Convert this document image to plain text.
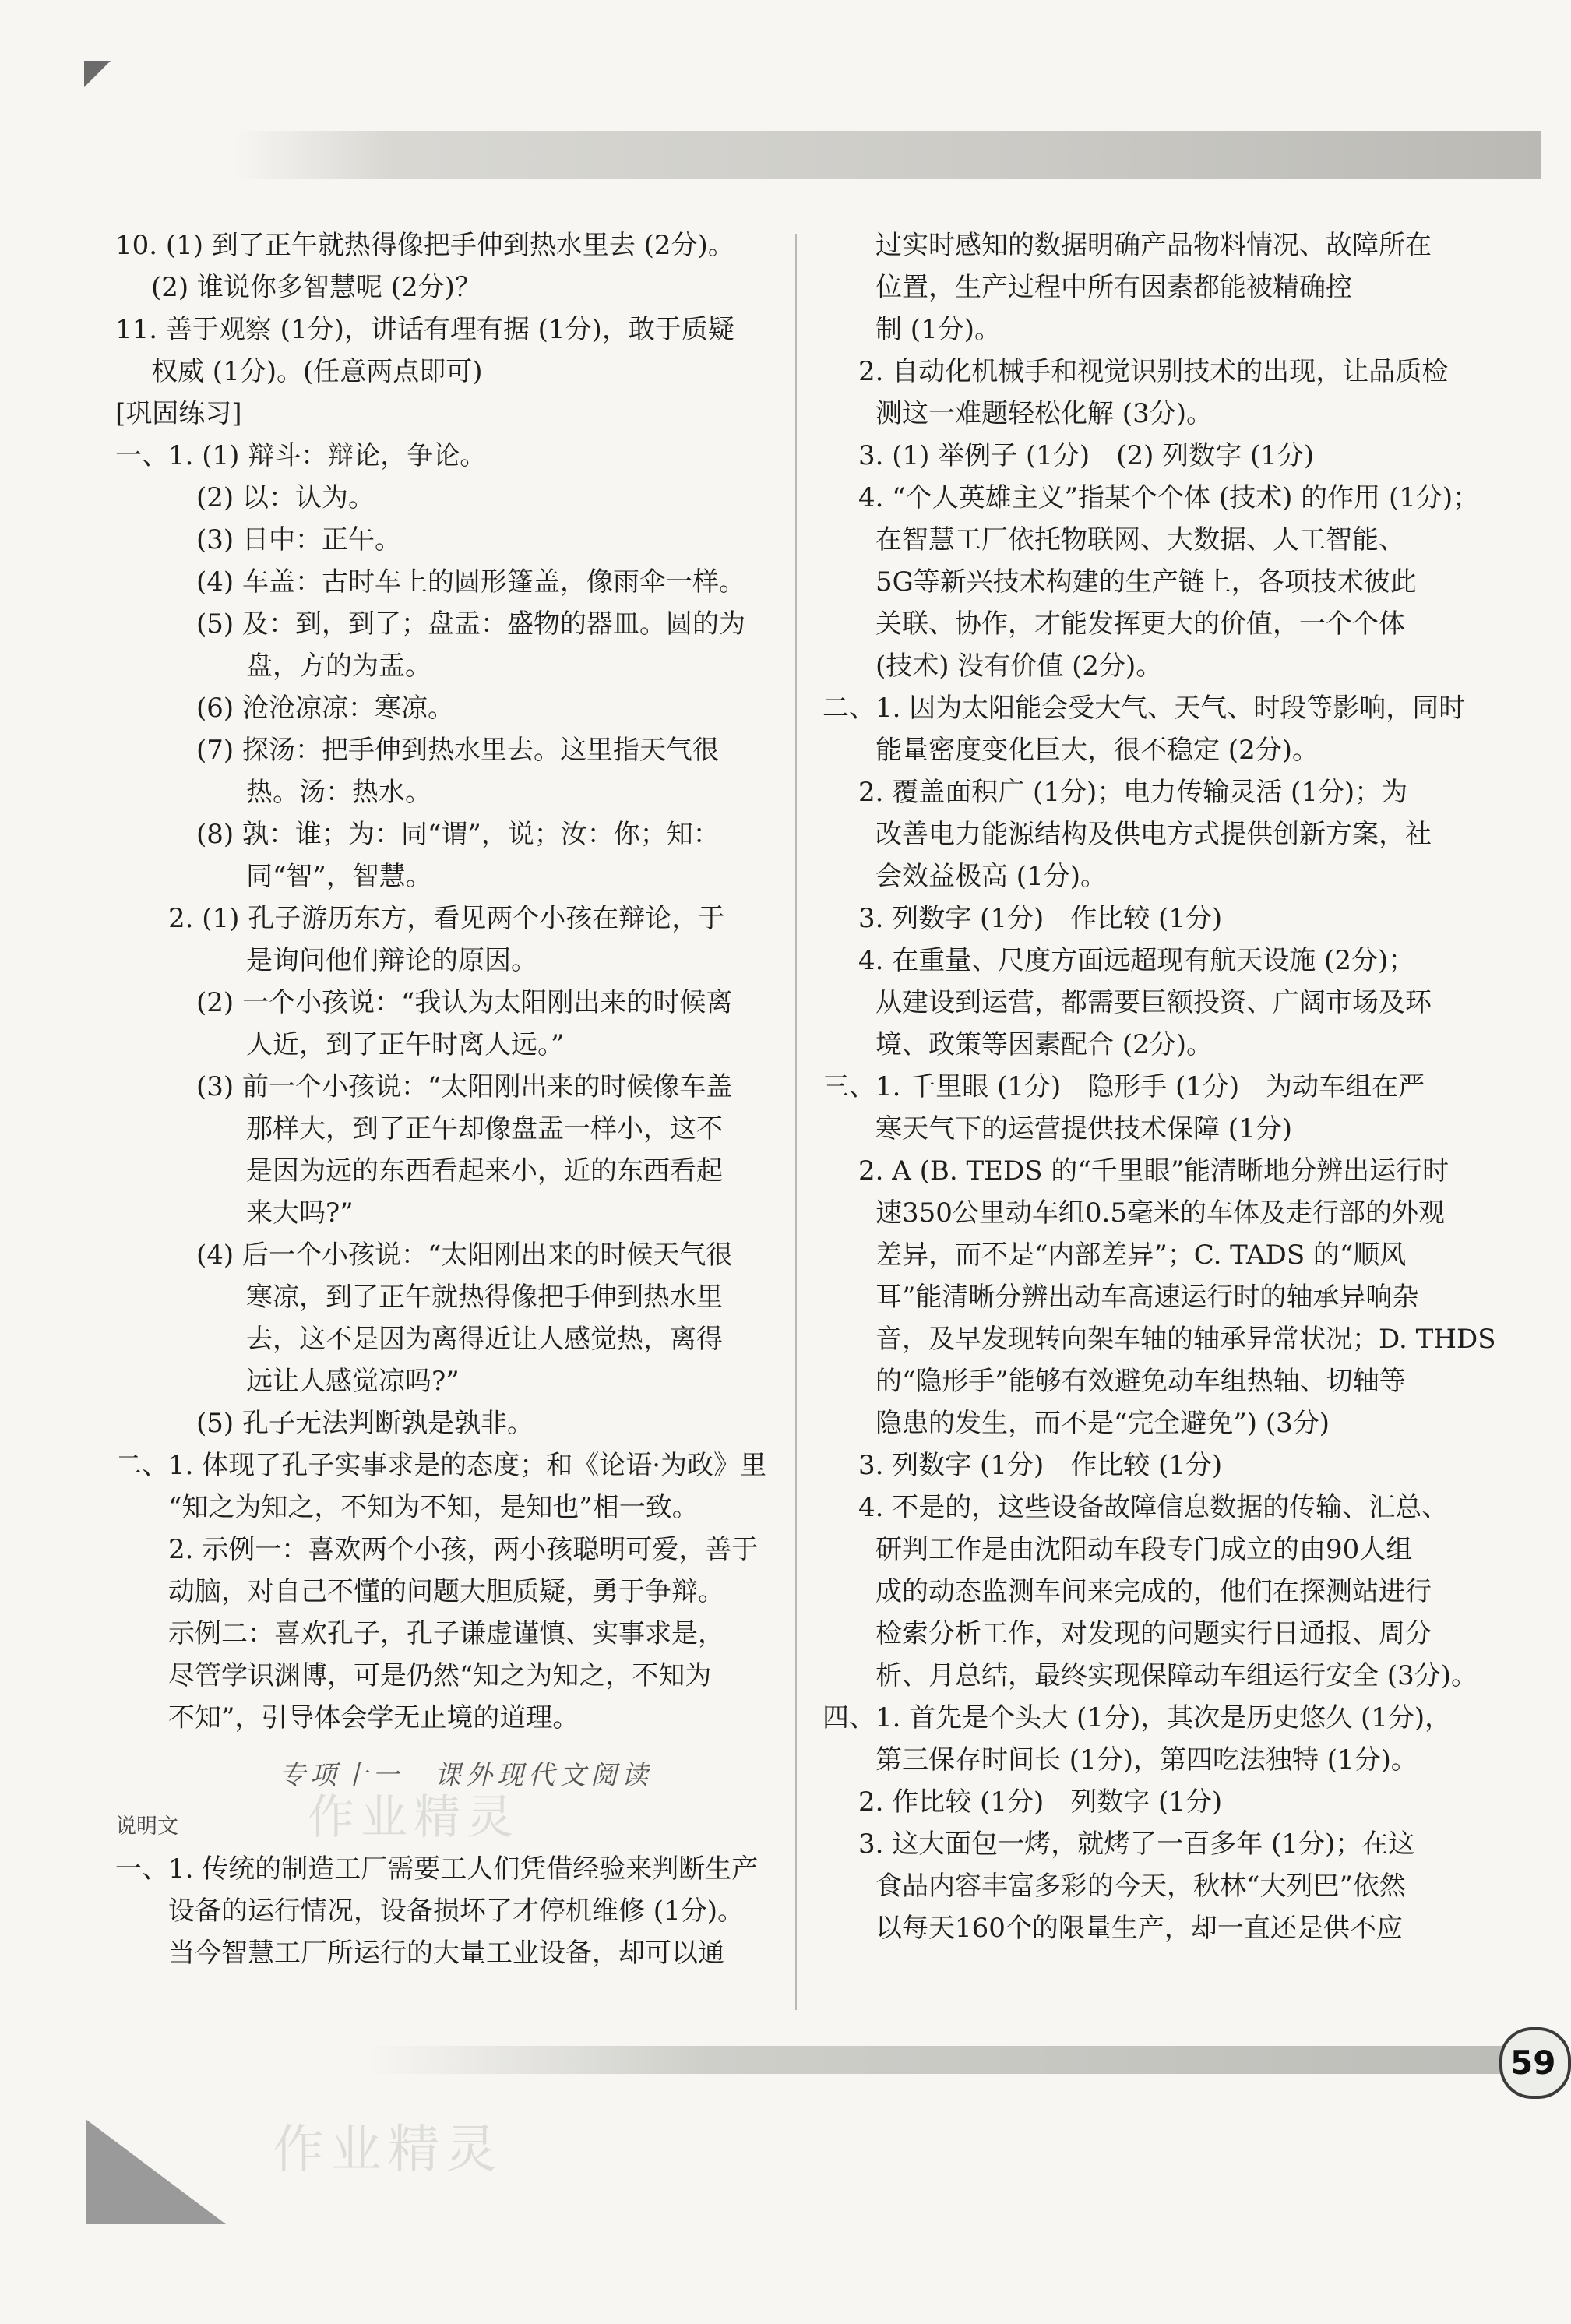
10. (1) 到了正午就热得像把手伸到热水里去 (2分)。

(2) 谁说你多智慧呢 (2分)？

11. 善于观察 (1分)，讲话有理有据 (1分)，敢于质疑

权威 (1分)。(任意两点即可)

[巩固练习]

一、1. (1) 辩斗：辩论，争论。

(2) 以：认为。

(3) 日中：正午。

(4) 车盖：古时车上的圆形篷盖，像雨伞一样。

(5) 及：到，到了；盘盂：盛物的器皿。圆的为

盘，方的为盂。

(6) 沧沧凉凉：寒凉。

(7) 探汤：把手伸到热水里去。这里指天气很

热。汤：热水。

(8) 孰：谁；为：同“谓”，说；汝：你；知：

同“智”，智慧。

2. (1) 孔子游历东方，看见两个小孩在辩论，于

是询问他们辩论的原因。

(2) 一个小孩说：“我认为太阳刚出来的时候离

人近，到了正午时离人远。”

(3) 前一个小孩说：“太阳刚出来的时候像车盖

那样大，到了正午却像盘盂一样小，这不

是因为远的东西看起来小，近的东西看起

来大吗?”

(4) 后一个小孩说：“太阳刚出来的时候天气很

寒凉，到了正午就热得像把手伸到热水里

去，这不是因为离得近让人感觉热，离得

远让人感觉凉吗?”

(5) 孔子无法判断孰是孰非。

二、1. 体现了孔子实事求是的态度；和《论语·为政》里

“知之为知之，不知为不知，是知也”相一致。

2. 示例一：喜欢两个小孩，两小孩聪明可爱，善于

动脑，对自己不懂的问题大胆质疑，勇于争辩。

示例二：喜欢孔子，孔子谦虚谨慎、实事求是，

尽管学识渊博，可是仍然“知之为知之，不知为

不知”，引导体会学无止境的道理。

专项十一　课外现代文阅读

说明文

一、1. 传统的制造工厂需要工人们凭借经验来判断生产

设备的运行情况，设备损坏了才停机维修 (1分)。

当今智慧工厂所运行的大量工业设备，却可以通

过实时感知的数据明确产品物料情况、故障所在

位置，生产过程中所有因素都能被精确控

制 (1分)。

2. 自动化机械手和视觉识别技术的出现，让品质检

测这一难题轻松化解 (3分)。

3. (1) 举例子 (1分)　(2) 列数字 (1分)

4. “个人英雄主义”指某个个体 (技术) 的作用 (1分)；

在智慧工厂依托物联网、大数据、人工智能、

5G等新兴技术构建的生产链上，各项技术彼此

关联、协作，才能发挥更大的价值，一个个体

(技术) 没有价值 (2分)。

二、1. 因为太阳能会受大气、天气、时段等影响，同时

能量密度变化巨大，很不稳定 (2分)。

2. 覆盖面积广 (1分)；电力传输灵活 (1分)；为

改善电力能源结构及供电方式提供创新方案，社

会效益极高 (1分)。

3. 列数字 (1分)　作比较 (1分)

4. 在重量、尺度方面远超现有航天设施 (2分)；

从建设到运营，都需要巨额投资、广阔市场及环

境、政策等因素配合 (2分)。

三、1. 千里眼 (1分)　隐形手 (1分)　为动车组在严

寒天气下的运营提供技术保障 (1分)

2. A (B. TEDS 的“千里眼”能清晰地分辨出运行时

速350公里动车组0.5毫米的车体及走行部的外观

差异，而不是“内部差异”；C. TADS 的“顺风

耳”能清晰分辨出动车高速运行时的轴承异响杂

音，及早发现转向架车轴的轴承异常状况；D. THDS

的“隐形手”能够有效避免动车组热轴、切轴等

隐患的发生，而不是“完全避免”) (3分)

3. 列数字 (1分)　作比较 (1分)

4. 不是的，这些设备故障信息数据的传输、汇总、

研判工作是由沈阳动车段专门成立的由90人组

成的动态监测车间来完成的，他们在探测站进行

检索分析工作，对发现的问题实行日通报、周分

析、月总结，最终实现保障动车组运行安全 (3分)。

四、1. 首先是个头大 (1分)，其次是历史悠久 (1分)，

第三保存时间长 (1分)，第四吃法独特 (1分)。

2. 作比较 (1分)　列数字 (1分)

3. 这大面包一烤，就烤了一百多年 (1分)；在这

食品内容丰富多彩的今天，秋林“大列巴”依然

以每天160个的限量生产，却一直还是供不应

作业精灵
作业精灵
59
